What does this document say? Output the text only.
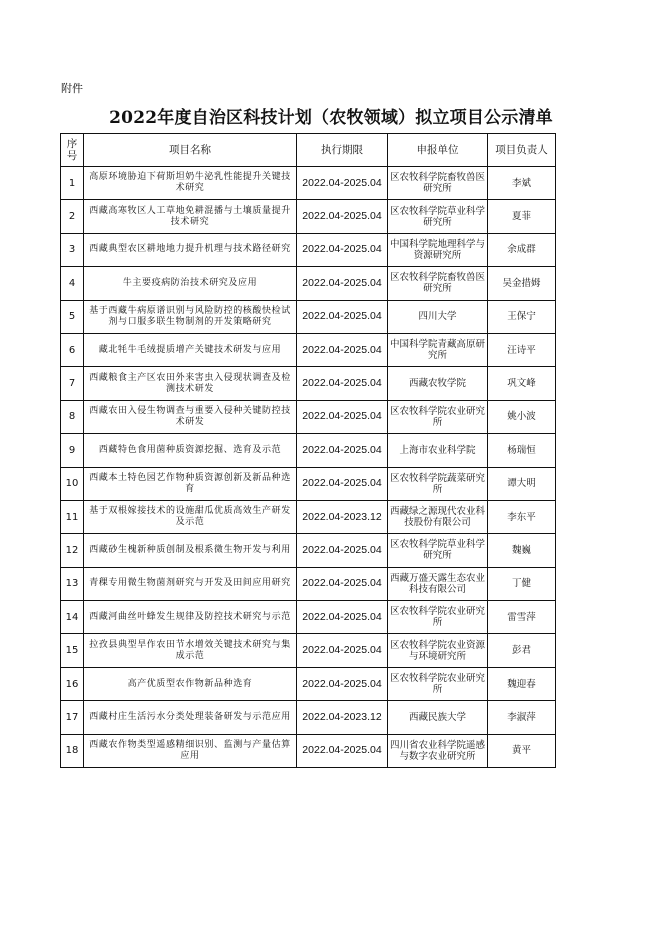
附件
2022年度自治区科技计划（农牧领域）拟立项目公示清单
序号	项目名称	执行期限	申报单位	项目负责人
1	高原环境胁迫下荷斯坦奶牛泌乳性能提升关键技术研究	2022.04-2025.04	区农牧科学院畜牧兽医研究所	李斌
2	西藏高寒牧区人工草地免耕混播与土壤质量提升技术研究	2022.04-2025.04	区农牧科学院草业科学研究所	夏菲
3	西藏典型农区耕地地力提升机理与技术路径研究	2022.04-2025.04	中国科学院地理科学与资源研究所	余成群
4	牛主要疫病防治技术研究及应用	2022.04-2025.04	区农牧科学院畜牧兽医研究所	吴金措姆
5	基于西藏牛病原谱识别与风险防控的核酸快检试剂与口服多联生物制剂的开发策略研究	2022.04-2025.04	四川大学	王保宁
6	藏北牦牛毛绒提质增产关键技术研发与应用	2022.04-2025.04	中国科学院青藏高原研究所	汪诗平
7	西藏粮食主产区农田外来害虫入侵现状调查及检测技术研发	2022.04-2025.04	西藏农牧学院	巩文峰
8	西藏农田入侵生物调查与重要入侵种关键防控技术研发	2022.04-2025.04	区农牧科学院农业研究所	姚小波
9	西藏特色食用菌种质资源挖掘、选育及示范	2022.04-2025.04	上海市农业科学院	杨瑞恒
10	西藏本土特色园艺作物种质资源创新及新品种选育	2022.04-2025.04	区农牧科学院蔬菜研究所	谭大明
11	基于双根嫁接技术的设施甜瓜优质高效生产研发及示范	2022.04-2023.12	西藏绿之源现代农业科技股份有限公司	李东平
12	西藏砂生槐新种质创制及根系微生物开发与利用	2022.04-2025.04	区农牧科学院草业科学研究所	魏巍
13	青稞专用微生物菌剂研究与开发及田间应用研究	2022.04-2025.04	西藏万盛天露生态农业科技有限公司	丁健
14	西藏河曲丝叶蜂发生规律及防控技术研究与示范	2022.04-2025.04	区农牧科学院农业研究所	雷雪萍
15	拉孜县典型旱作农田节水增效关键技术研究与集成示范	2022.04-2025.04	区农牧科学院农业资源与环境研究所	彭君
16	高产优质型农作物新品种选育	2022.04-2025.04	区农牧科学院农业研究所	魏迎春
17	西藏村庄生活污水分类处理装备研发与示范应用	2022.04-2023.12	西藏民族大学	李淑萍
18	西藏农作物类型遥感精细识别、监测与产量估算应用	2022.04-2025.04	四川省农业科学院遥感与数字农业研究所	黄平
